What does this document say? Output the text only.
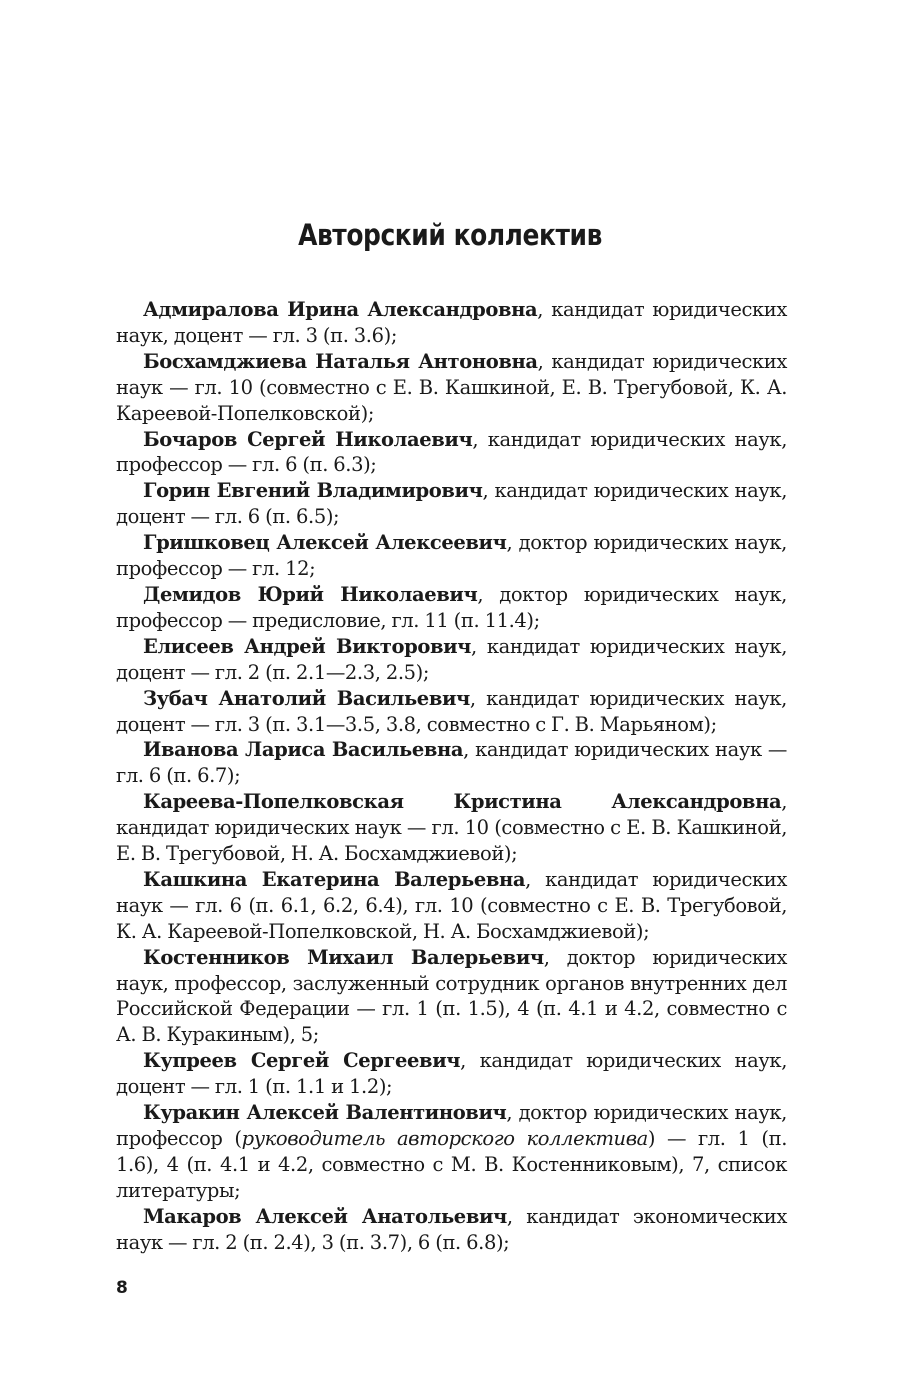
Авторский коллектив

Адмиралова Ирина Александровна, кандидат юридических наук, доцент — гл. 3 (п. 3.6);

Босхамджиева Наталья Антоновна, кандидат юридических наук — гл. 10 (совместно с Е. В. Кашкиной, Е. В. Трегубовой, К. А. Кареевой-Попелковской);

Бочаров Сергей Николаевич, кандидат юридических наук, профессор — гл. 6 (п. 6.3);

Горин Евгений Владимирович, кандидат юридических наук, доцент — гл. 6 (п. 6.5);

Гришковец Алексей Алексеевич, доктор юридических наук, профессор — гл. 12;

Демидов Юрий Николаевич, доктор юридических наук, профессор — предисловие, гл. 11 (п. 11.4);

Елисеев Андрей Викторович, кандидат юридических наук, доцент — гл. 2 (п. 2.1—2.3, 2.5);

Зубач Анатолий Васильевич, кандидат юридических наук, доцент — гл. 3 (п. 3.1—3.5, 3.8, совместно с Г. В. Марьяном);

Иванова Лариса Васильевна, кандидат юридических наук — гл. 6 (п. 6.7);

Кареева-Попелковская Кристина Александровна, кандидат юридических наук — гл. 10 (совместно с Е. В. Кашкиной, Е. В. Трегубовой, Н. А. Босхамджиевой);

Кашкина Екатерина Валерьевна, кандидат юридических наук — гл. 6 (п. 6.1, 6.2, 6.4), гл. 10 (совместно с Е. В. Трегубовой, К. А. Кареевой-Попелковской, Н. А. Босхамджиевой);

Костенников Михаил Валерьевич, доктор юридических наук, профессор, заслуженный сотрудник органов внутренних дел Российской Федерации — гл. 1 (п. 1.5), 4 (п. 4.1 и 4.2, совместно с А. В. Куракиным), 5;

Купреев Сергей Сергеевич, кандидат юридических наук, доцент — гл. 1 (п. 1.1 и 1.2);

Куракин Алексей Валентинович, доктор юридических наук, профессор (руководитель авторского коллектива) — гл. 1 (п. 1.6), 4 (п. 4.1 и 4.2, совместно с М. В. Костенниковым), 7, список литературы;

Макаров Алексей Анатольевич, кандидат экономических наук — гл. 2 (п. 2.4), 3 (п. 3.7), 6 (п. 6.8);

8
